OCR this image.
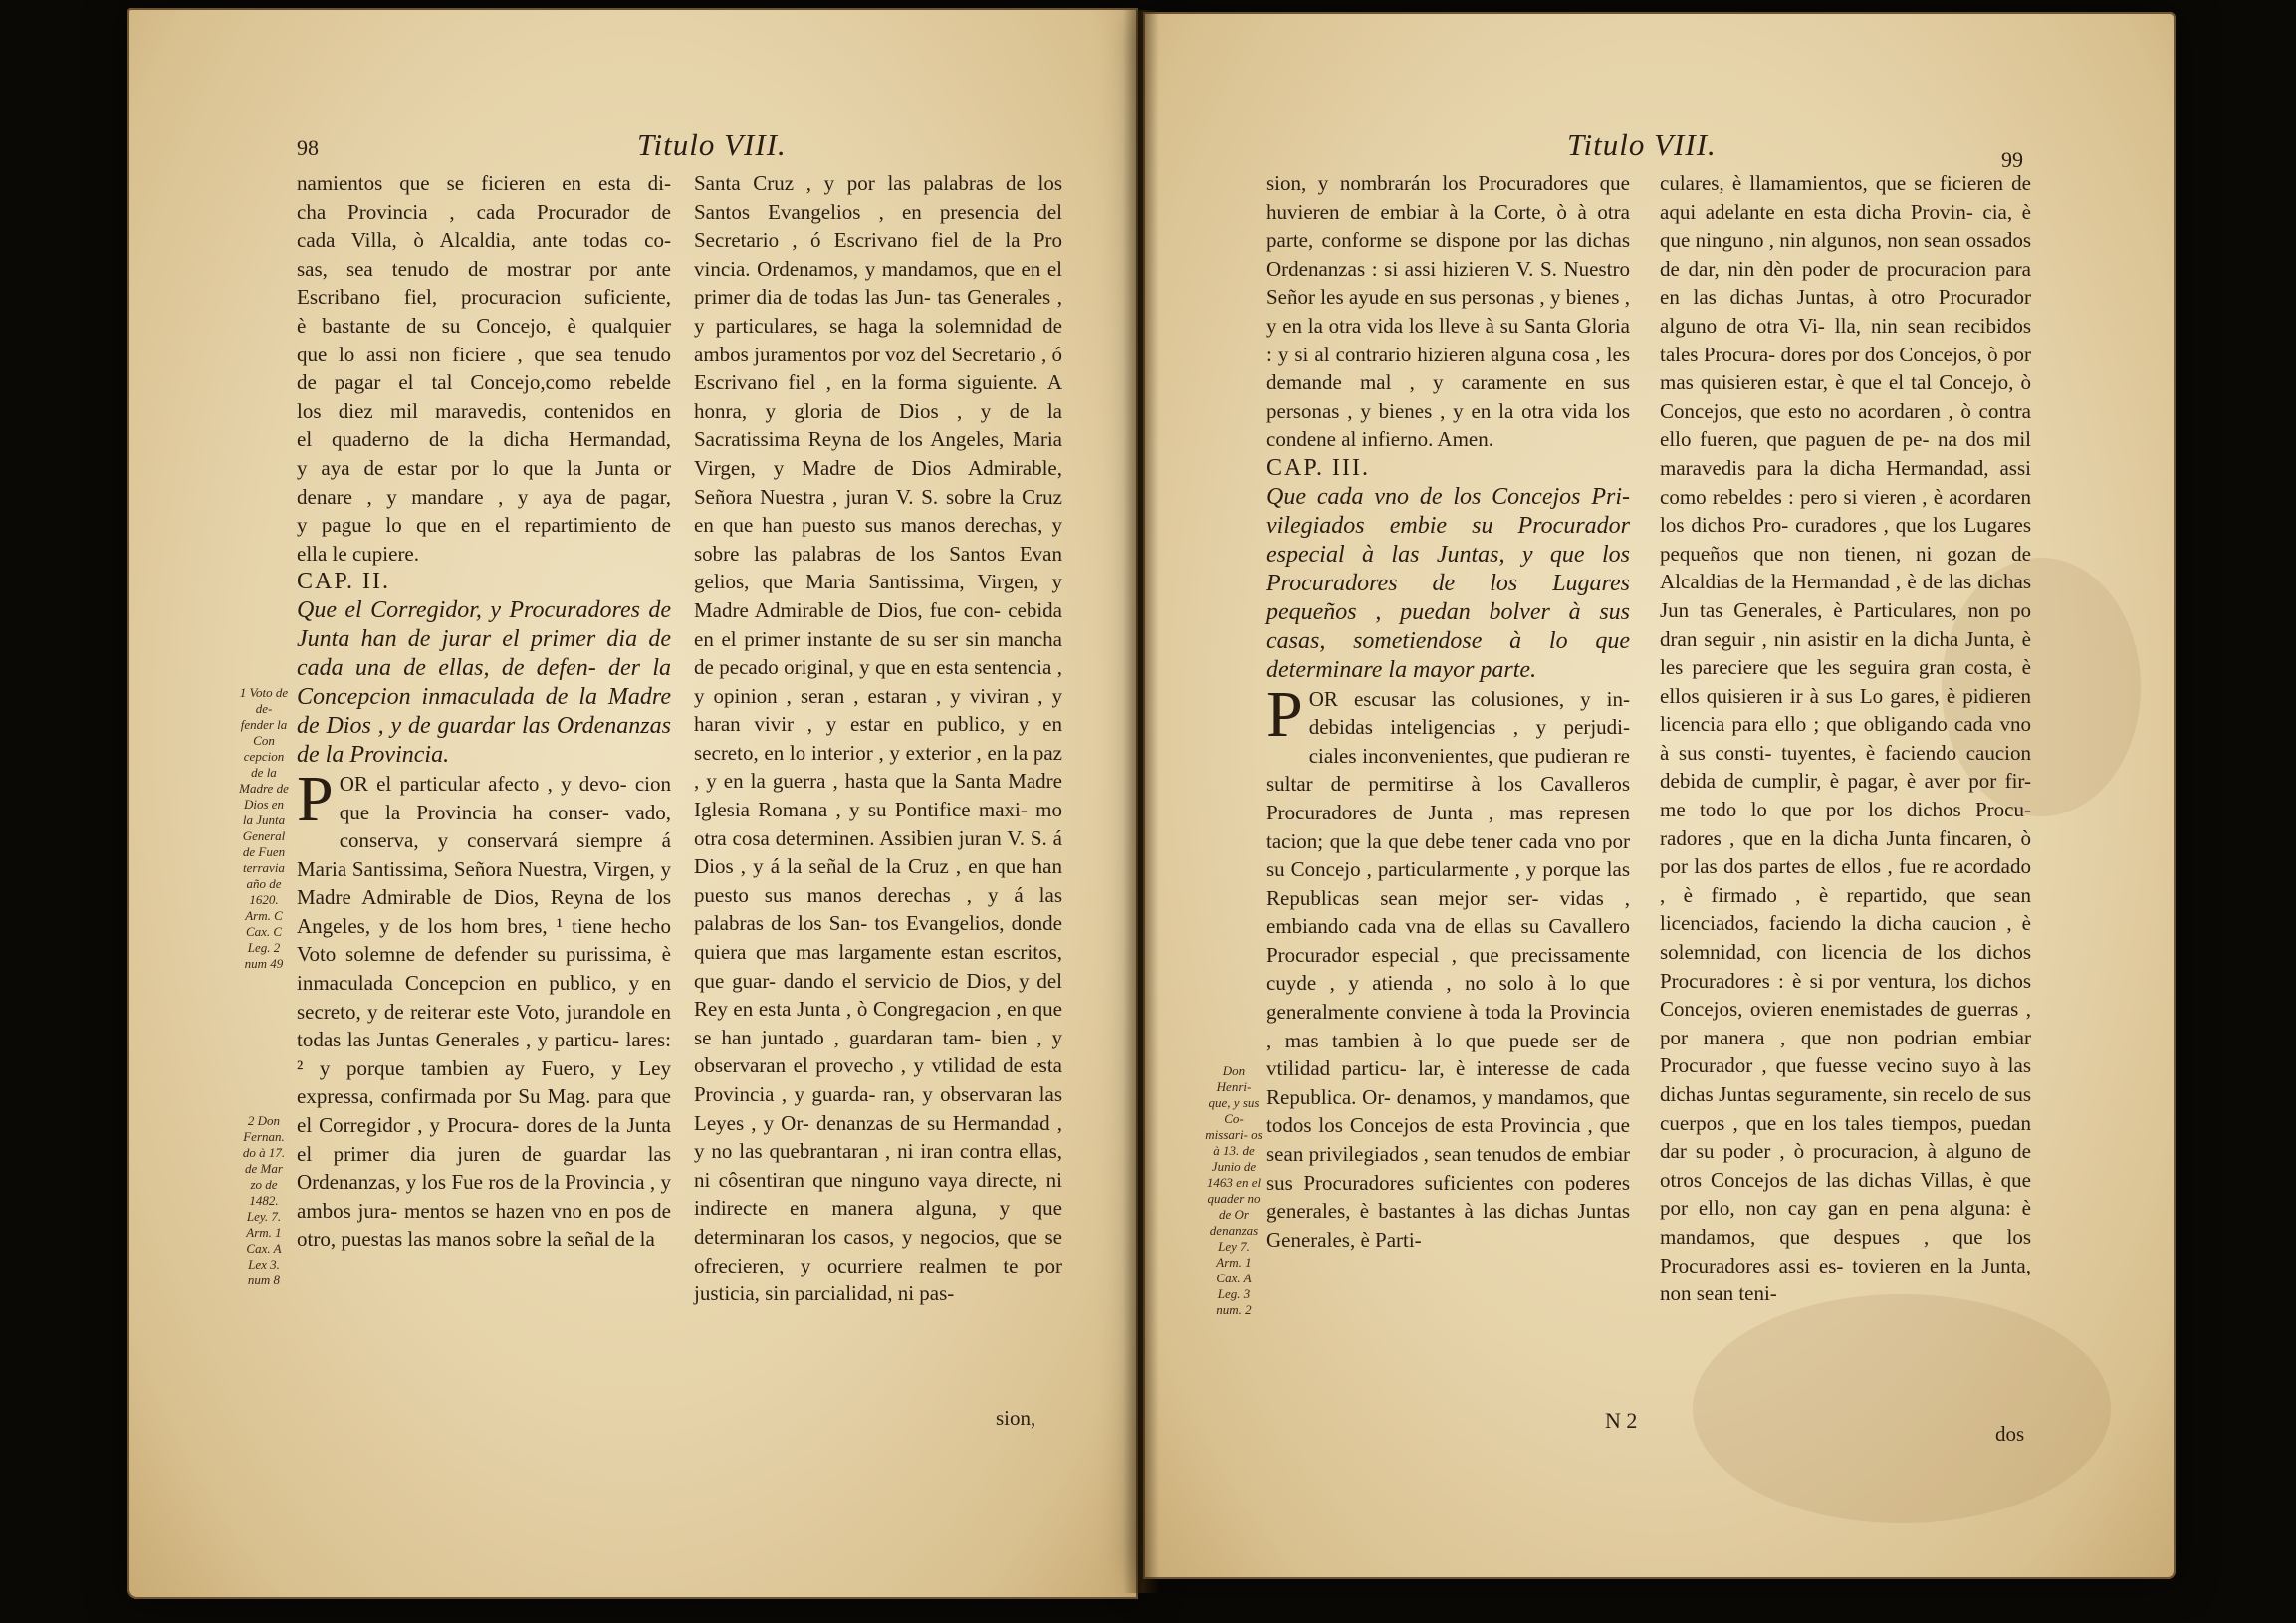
98	Titulo VIII.

namientos que se ficieren en esta di-

cha Provincia , cada Procurador de

cada Villa, ò Alcaldia, ante todas co-

sas, sea tenudo de mostrar por ante

Escribano fiel, procuracion suficiente,

è bastante de su Concejo, è qualquier

que lo assi non ficiere , que sea tenudo

de pagar el tal Concejo,como rebelde

los diez mil maravedis, contenidos en

el quaderno de la dicha Hermandad,

y aya de estar por lo que la Junta or

denare , y mandare , y aya de pagar,

y pague lo que en el repartimiento de

ella le cupiere.

CAP. II.

Que el Corregidor, y Procuradores de Junta han de jurar el primer dia de cada una de ellas, de defen- der la Concepcion inmaculada de la Madre de Dios , y de guardar las Ordenanzas de la Provincia.

POR el particular afecto , y devo- cion que la Provincia ha conser- vado, conserva, y conservará siempre á Maria Santissima, Señora Nuestra, Virgen, y Madre Admirable de Dios, Reyna de los Angeles, y de los hom bres, ¹ tiene hecho Voto solemne de defender su purissima, è inmaculada Concepcion en publico, y en secreto, y de reiterar este Voto, jurandole en todas las Juntas Generales , y particu- lares: ² y porque tambien ay Fuero, y Ley expressa, confirmada por Su Mag. para que el Corregidor , y Procura- dores de la Junta el primer dia juren de guardar las Ordenanzas, y los Fue ros de la Provincia , y ambos jura- mentos se hazen vno en pos de otro, puestas las manos sobre la señal de la

1 Voto de de- fender la Con cepcion de la Madre de Dios en la Junta General de Fuen terravia año de 1620. Arm. C Cax. C Leg. 2 num 49
2 Don Fernan. do à 17. de Mar zo de 1482. Ley. 7. Arm. 1 Cax. A Lex 3. num 8

Santa Cruz , y por las palabras de los Santos Evangelios , en presencia del Secretario , ó Escrivano fiel de la Pro vincia. Ordenamos, y mandamos, que en el primer dia de todas las Jun- tas Generales , y particulares, se haga la solemnidad de ambos juramentos por voz del Secretario , ó Escrivano fiel , en la forma siguiente. A honra, y gloria de Dios , y de la Sacratissima Reyna de los Angeles, Maria Virgen, y Madre de Dios Admirable, Señora Nuestra , juran V. S. sobre la Cruz en que han puesto sus manos derechas, y sobre las palabras de los Santos Evan gelios, que Maria Santissima, Virgen, y Madre Admirable de Dios, fue con- cebida en el primer instante de su ser sin mancha de pecado original, y que en esta sentencia , y opinion , seran , estaran , y viviran , y haran vivir , y estar en publico, y en secreto, en lo interior , y exterior , en la paz , y en la guerra , hasta que la Santa Madre Iglesia Romana , y su Pontifice maxi- mo otra cosa determinen. Assibien juran V. S. á Dios , y á la señal de la Cruz , en que han puesto sus manos derechas , y á las palabras de los San- tos Evangelios, donde quiera que mas largamente estan escritos, que guar- dando el servicio de Dios, y del Rey en esta Junta , ò Congregacion , en que se han juntado , guardaran tam- bien , y observaran el provecho , y vtilidad de esta Provincia , y guarda- ran, y observaran las Leyes , y Or- denanzas de su Hermandad , y no las quebrantaran , ni iran contra ellas, ni côsentiran que ninguno vaya directe, ni indirecte en manera alguna, y que determinaran los casos, y negocios, que se ofrecieren, y ocurriere realmen te por justicia, sin parcialidad, ni pas-

sion,

Titulo VIII.	99

sion, y nombrarán los Procuradores que huvieren de embiar à la Corte, ò à otra parte, conforme se dispone por las dichas Ordenanzas : si assi hizieren V. S. Nuestro Señor les ayude en sus personas , y bienes , y en la otra vida los lleve à su Santa Gloria : y si al contrario hizieren alguna cosa , les demande mal , y caramente en sus personas , y bienes , y en la otra vida los condene al infierno. Amen.

CAP. III.

Que cada vno de los Concejos Pri- vilegiados embie su Procurador especial à las Juntas, y que los Procuradores de los Lugares pequeños , puedan bolver à sus casas, sometiendose à lo que determinare la mayor parte.

POR escusar las colusiones, y in- debidas inteligencias , y perjudi- ciales inconvenientes, que pudieran re sultar de permitirse à los Cavalleros Procuradores de Junta , mas represen tacion; que la que debe tener cada vno por su Concejo , particularmente , y porque las Republicas sean mejor ser- vidas , embiando cada vna de ellas su Cavallero Procurador especial , que precissamente cuyde , y atienda , no solo à lo que generalmente conviene à toda la Provincia , mas tambien à lo que puede ser de vtilidad particu- lar, è interesse de cada Republica. Or- denamos, y mandamos, que todos los Concejos de esta Provincia , que sean privilegiados , sean tenudos de embiar sus Procuradores suficientes con poderes generales, è bastantes à las dichas Juntas Generales, è Parti-

Don Henri- que, y sus Co- missari- os à 13. de Junio de 1463 en el quader no de Or denanzas Ley 7. Arm. 1 Cax. A Leg. 3 num. 2

N 2

culares, è llamamientos, que se ficieren de aqui adelante en esta dicha Provin- cia, è que ninguno , nin algunos, non sean ossados de dar, nin dèn poder de procuracion para en las dichas Juntas, à otro Procurador alguno de otra Vi- lla, nin sean recibidos tales Procura- dores por dos Concejos, ò por mas quisieren estar, è que el tal Concejo, ò Concejos, que esto no acordaren , ò contra ello fueren, que paguen de pe- na dos mil maravedis para la dicha Hermandad, assi como rebeldes : pero si vieren , è acordaren los dichos Pro- curadores , que los Lugares pequeños que non tienen, ni gozan de Alcaldias de la Hermandad , è de las dichas Jun tas Generales, è Particulares, non po dran seguir , nin asistir en la dicha Junta, è les pareciere que les seguira gran costa, è ellos quisieren ir à sus Lo gares, è pidieren licencia para ello ; que obligando cada vno à sus consti- tuyentes, è faciendo caucion debida de cumplir, è pagar, è aver por fir- me todo lo que por los dichos Procu- radores , que en la dicha Junta fincaren, ò por las dos partes de ellos , fue re acordado , è firmado , è repartido, que sean licenciados, faciendo la dicha caucion , è solemnidad, con licencia de los dichos Procuradores : è si por ventura, los dichos Concejos, ovieren enemistades de guerras , por manera , que non podrian embiar Procurador , que fuesse vecino suyo à las dichas Juntas seguramente, sin recelo de sus cuerpos , que en los tales tiempos, puedan dar su poder , ò procuracion, à alguno de otros Concejos de las dichas Villas, è que por ello, non cay gan en pena alguna: è mandamos, que despues , que los Procuradores assi es- tovieren en la Junta, non sean teni-

dos
